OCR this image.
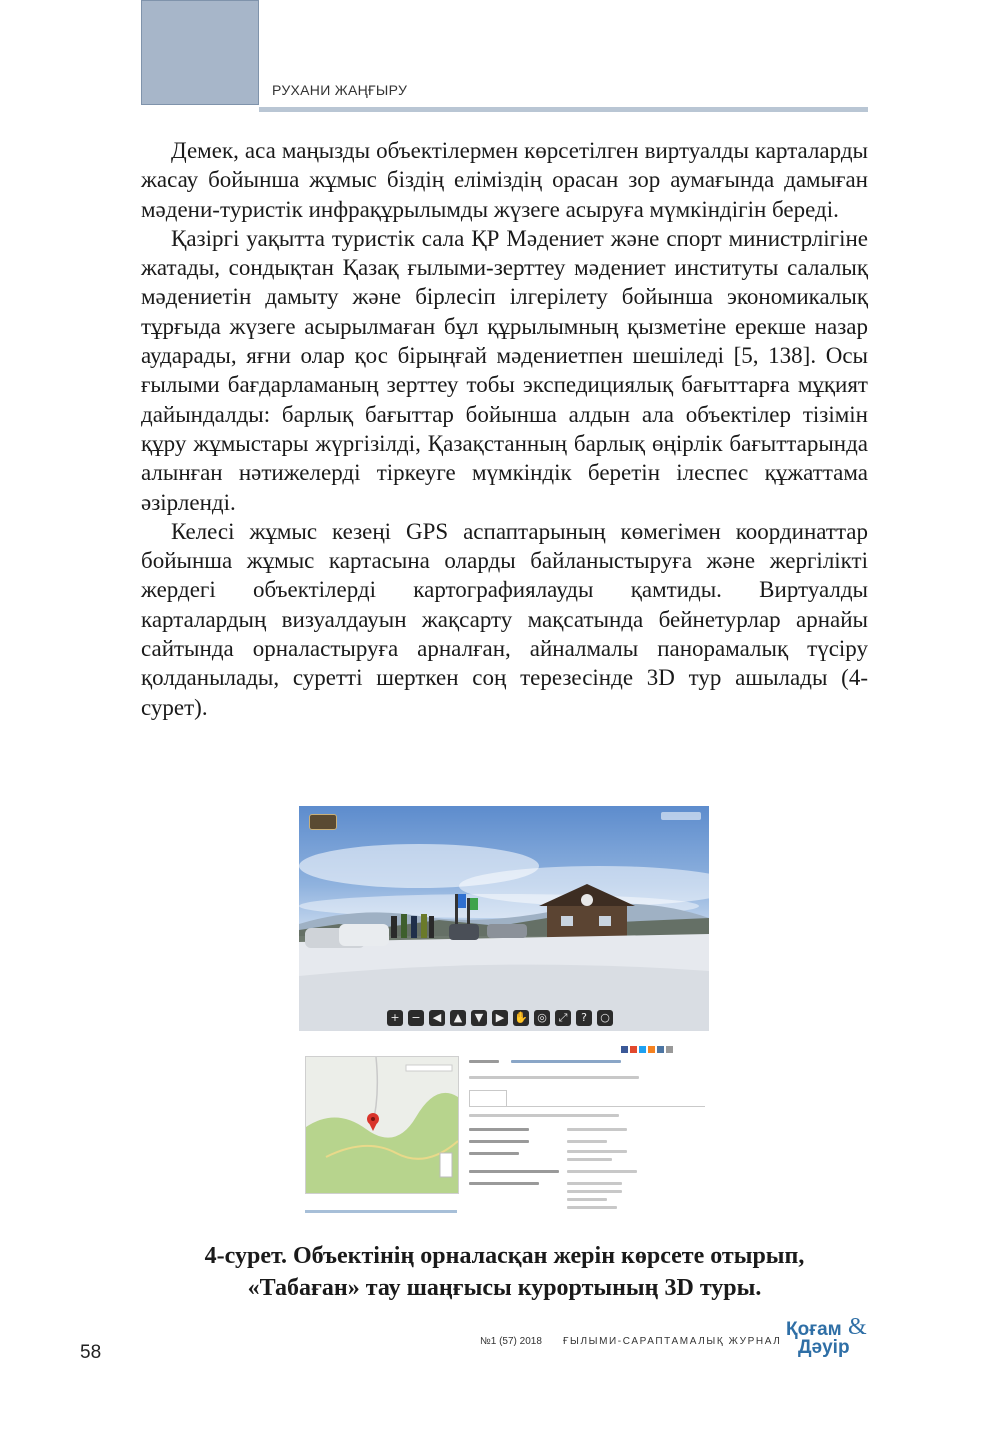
РУХАНИ ЖАҢҒЫРУ

Демек, аса маңызды объектілермен көрсетілген виртуалды карталарды жасау бойынша жұмыс біздің еліміздің орасан зор аумағында дамыған мәдени-туристік инфрақұрылымды жүзеге асыруға мүмкіндігін береді.

Қазіргі уақытта туристік сала ҚР Мәдениет және спорт министрлігіне жатады, сондықтан Қазақ ғылыми-зерттеу мәдениет институты салалық мәдениетін дамыту және бірлесіп ілгерілету бойынша экономикалық тұрғыда жүзеге асырылмаған бұл құрылымның қызметіне ерекше назар аударады, яғни олар қос бірыңғай мәдениетпен шешіледі [5, 138]. Осы ғылыми бағдарламаның зерттеу тобы экспедициялық бағыттарға мұқият дайындалды: барлық бағыттар бойынша алдын ала объектілер тізімін құру жұмыстары жүргізілді, Қазақстанның барлық өңірлік бағыттарында алынған нәтижелерді тіркеуге мүмкіндік беретін ілеспес құжаттама әзірленді.

Келесі жұмыс кезеңі GPS аспаптарының көмегімен координаттар бойынша жұмыс картасына оларды байланыстыруға және жергілікті жердегі объектілерді картографиялауды қамтиды. Виртуалды карталардың визуалдауын жақсарту мақсатында бейнетурлар арнайы сайтында орналастыруға арналған, айналмалы панорамалық түсіру қолданылады, суретті шерткен соң терезесінде 3D тур ашылады (4-сурет).

+	−	◀	▲	▼	▶ ✋ ◎	⤢	?	○
4-сурет. Объектінің орналасқан жерін көрсете отырып,
«Табаған» тау шаңғысы курортының 3D туры.
58
№1 (57) 2018 ҒЫЛЫМИ-САРАПТАМАЛЫҚ ЖУРНАЛ
Қоғам &
Дәуір
